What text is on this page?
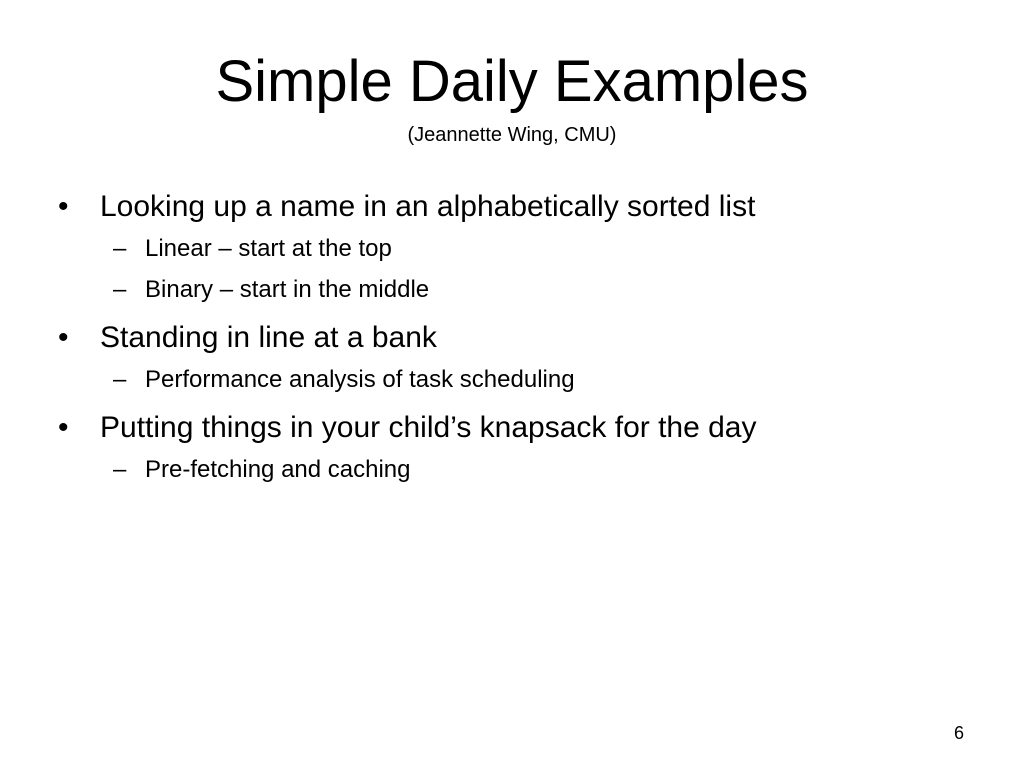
Simple Daily Examples
(Jeannette Wing, CMU)
•	Looking up a name in an alphabetically sorted list
– Linear – start at the top
– Binary – start in the middle
•	Standing in line at a bank
– Performance analysis of task scheduling
•	Putting things in your child’s knapsack for the day
– Pre-fetching and caching
6
